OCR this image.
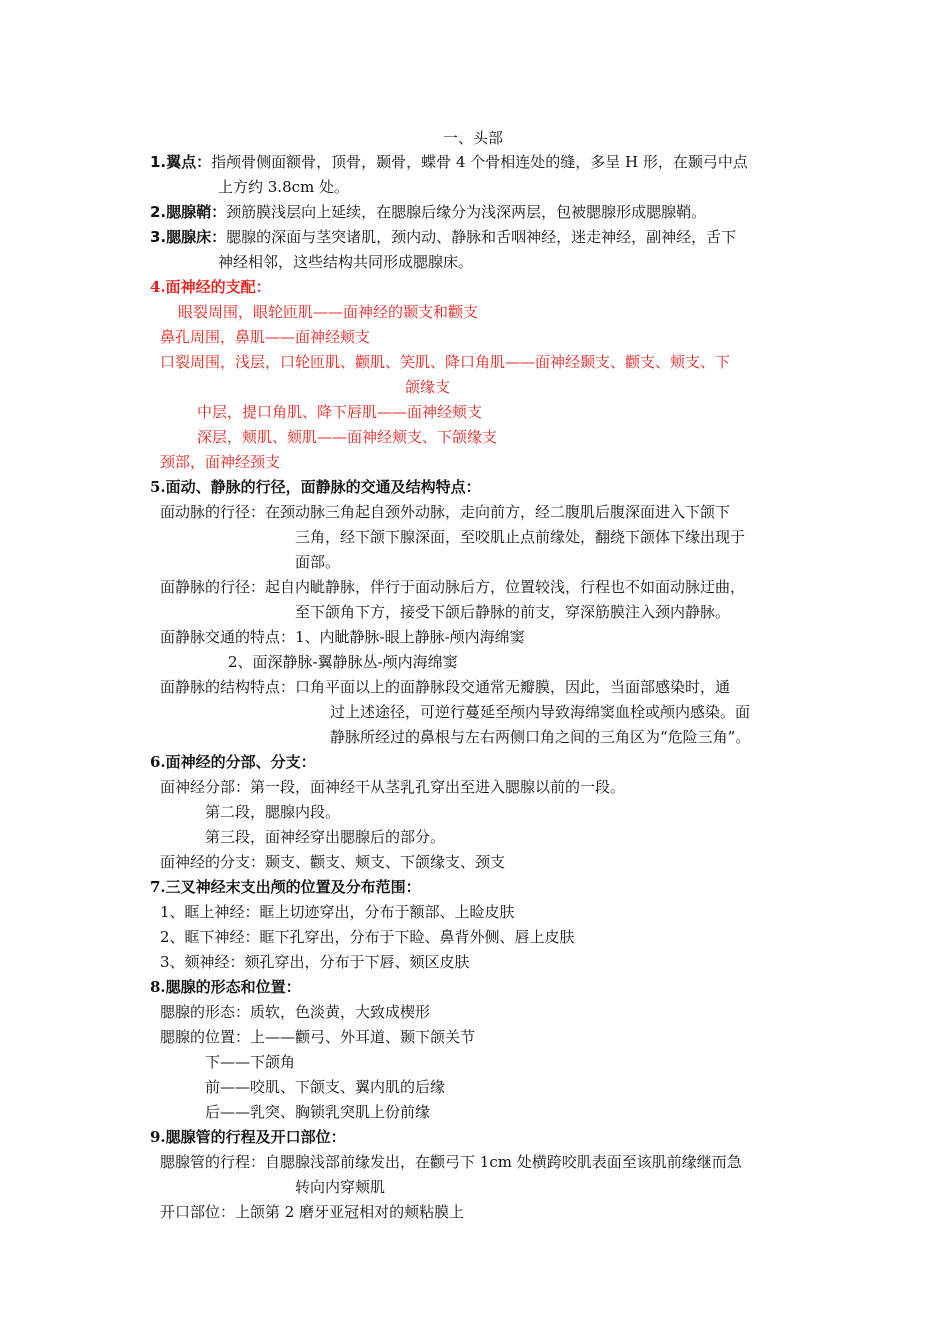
一、头部
1.翼点：指颅骨侧面额骨，顶骨，颞骨，蝶骨 4 个骨相连处的缝，多呈 H 形，在颞弓中点
上方约 3.8cm 处。
2.腮腺鞘：颈筋膜浅层向上延续，在腮腺后缘分为浅深两层，包被腮腺形成腮腺鞘。
3.腮腺床：腮腺的深面与茎突诸肌，颈内动、静脉和舌咽神经，迷走神经，副神经，舌下
神经相邻，这些结构共同形成腮腺床。
4.面神经的支配：
眼裂周围，眼轮匝肌——面神经的颞支和颧支
鼻孔周围，鼻肌——面神经颊支
口裂周围，浅层，口轮匝肌、颧肌、笑肌、降口角肌——面神经颞支、颧支、颊支、下
颌缘支
中层，提口角肌、降下唇肌——面神经颊支
深层，颊肌、颏肌——面神经颊支、下颌缘支
颈部，面神经颈支
5.面动、静脉的行径，面静脉的交通及结构特点：
面动脉的行径：在颈动脉三角起自颈外动脉，走向前方，经二腹肌后腹深面进入下颌下
三角，经下颌下腺深面，至咬肌止点前缘处，翻绕下颌体下缘出现于
面部。
面静脉的行径：起自内眦静脉，伴行于面动脉后方，位置较浅，行程也不如面动脉迂曲，
至下颌角下方，接受下颌后静脉的前支，穿深筋膜注入颈内静脉。
面静脉交通的特点：1、内眦静脉-眼上静脉-颅内海绵窦
2、面深静脉-翼静脉丛-颅内海绵窦
面静脉的结构特点：口角平面以上的面静脉段交通常无瓣膜，因此，当面部感染时，通
过上述途径，可逆行蔓延至颅内导致海绵窦血栓或颅内感染。面
静脉所经过的鼻根与左右两侧口角之间的三角区为“危险三角”。
6.面神经的分部、分支：
面神经分部：第一段，面神经干从茎乳孔穿出至进入腮腺以前的一段。
第二段，腮腺内段。
第三段，面神经穿出腮腺后的部分。
面神经的分支：颞支、颧支、颊支、下颌缘支、颈支
7.三叉神经末支出颅的位置及分布范围：
1、眶上神经：眶上切迹穿出，分布于额部、上睑皮肤
2、眶下神经：眶下孔穿出，分布于下睑、鼻背外侧、唇上皮肤
3、颏神经：颏孔穿出，分布于下唇、颏区皮肤
8.腮腺的形态和位置：
腮腺的形态：质软，色淡黄，大致成楔形
腮腺的位置：上——颧弓、外耳道、颞下颌关节
下——下颌角
前——咬肌、下颌支、翼内肌的后缘
后——乳突、胸锁乳突肌上份前缘
9.腮腺管的行程及开口部位：
腮腺管的行程：自腮腺浅部前缘发出，在颧弓下 1cm 处横跨咬肌表面至该肌前缘继而急
转向内穿颊肌
开口部位：上颌第 2 磨牙亚冠相对的颊粘膜上
